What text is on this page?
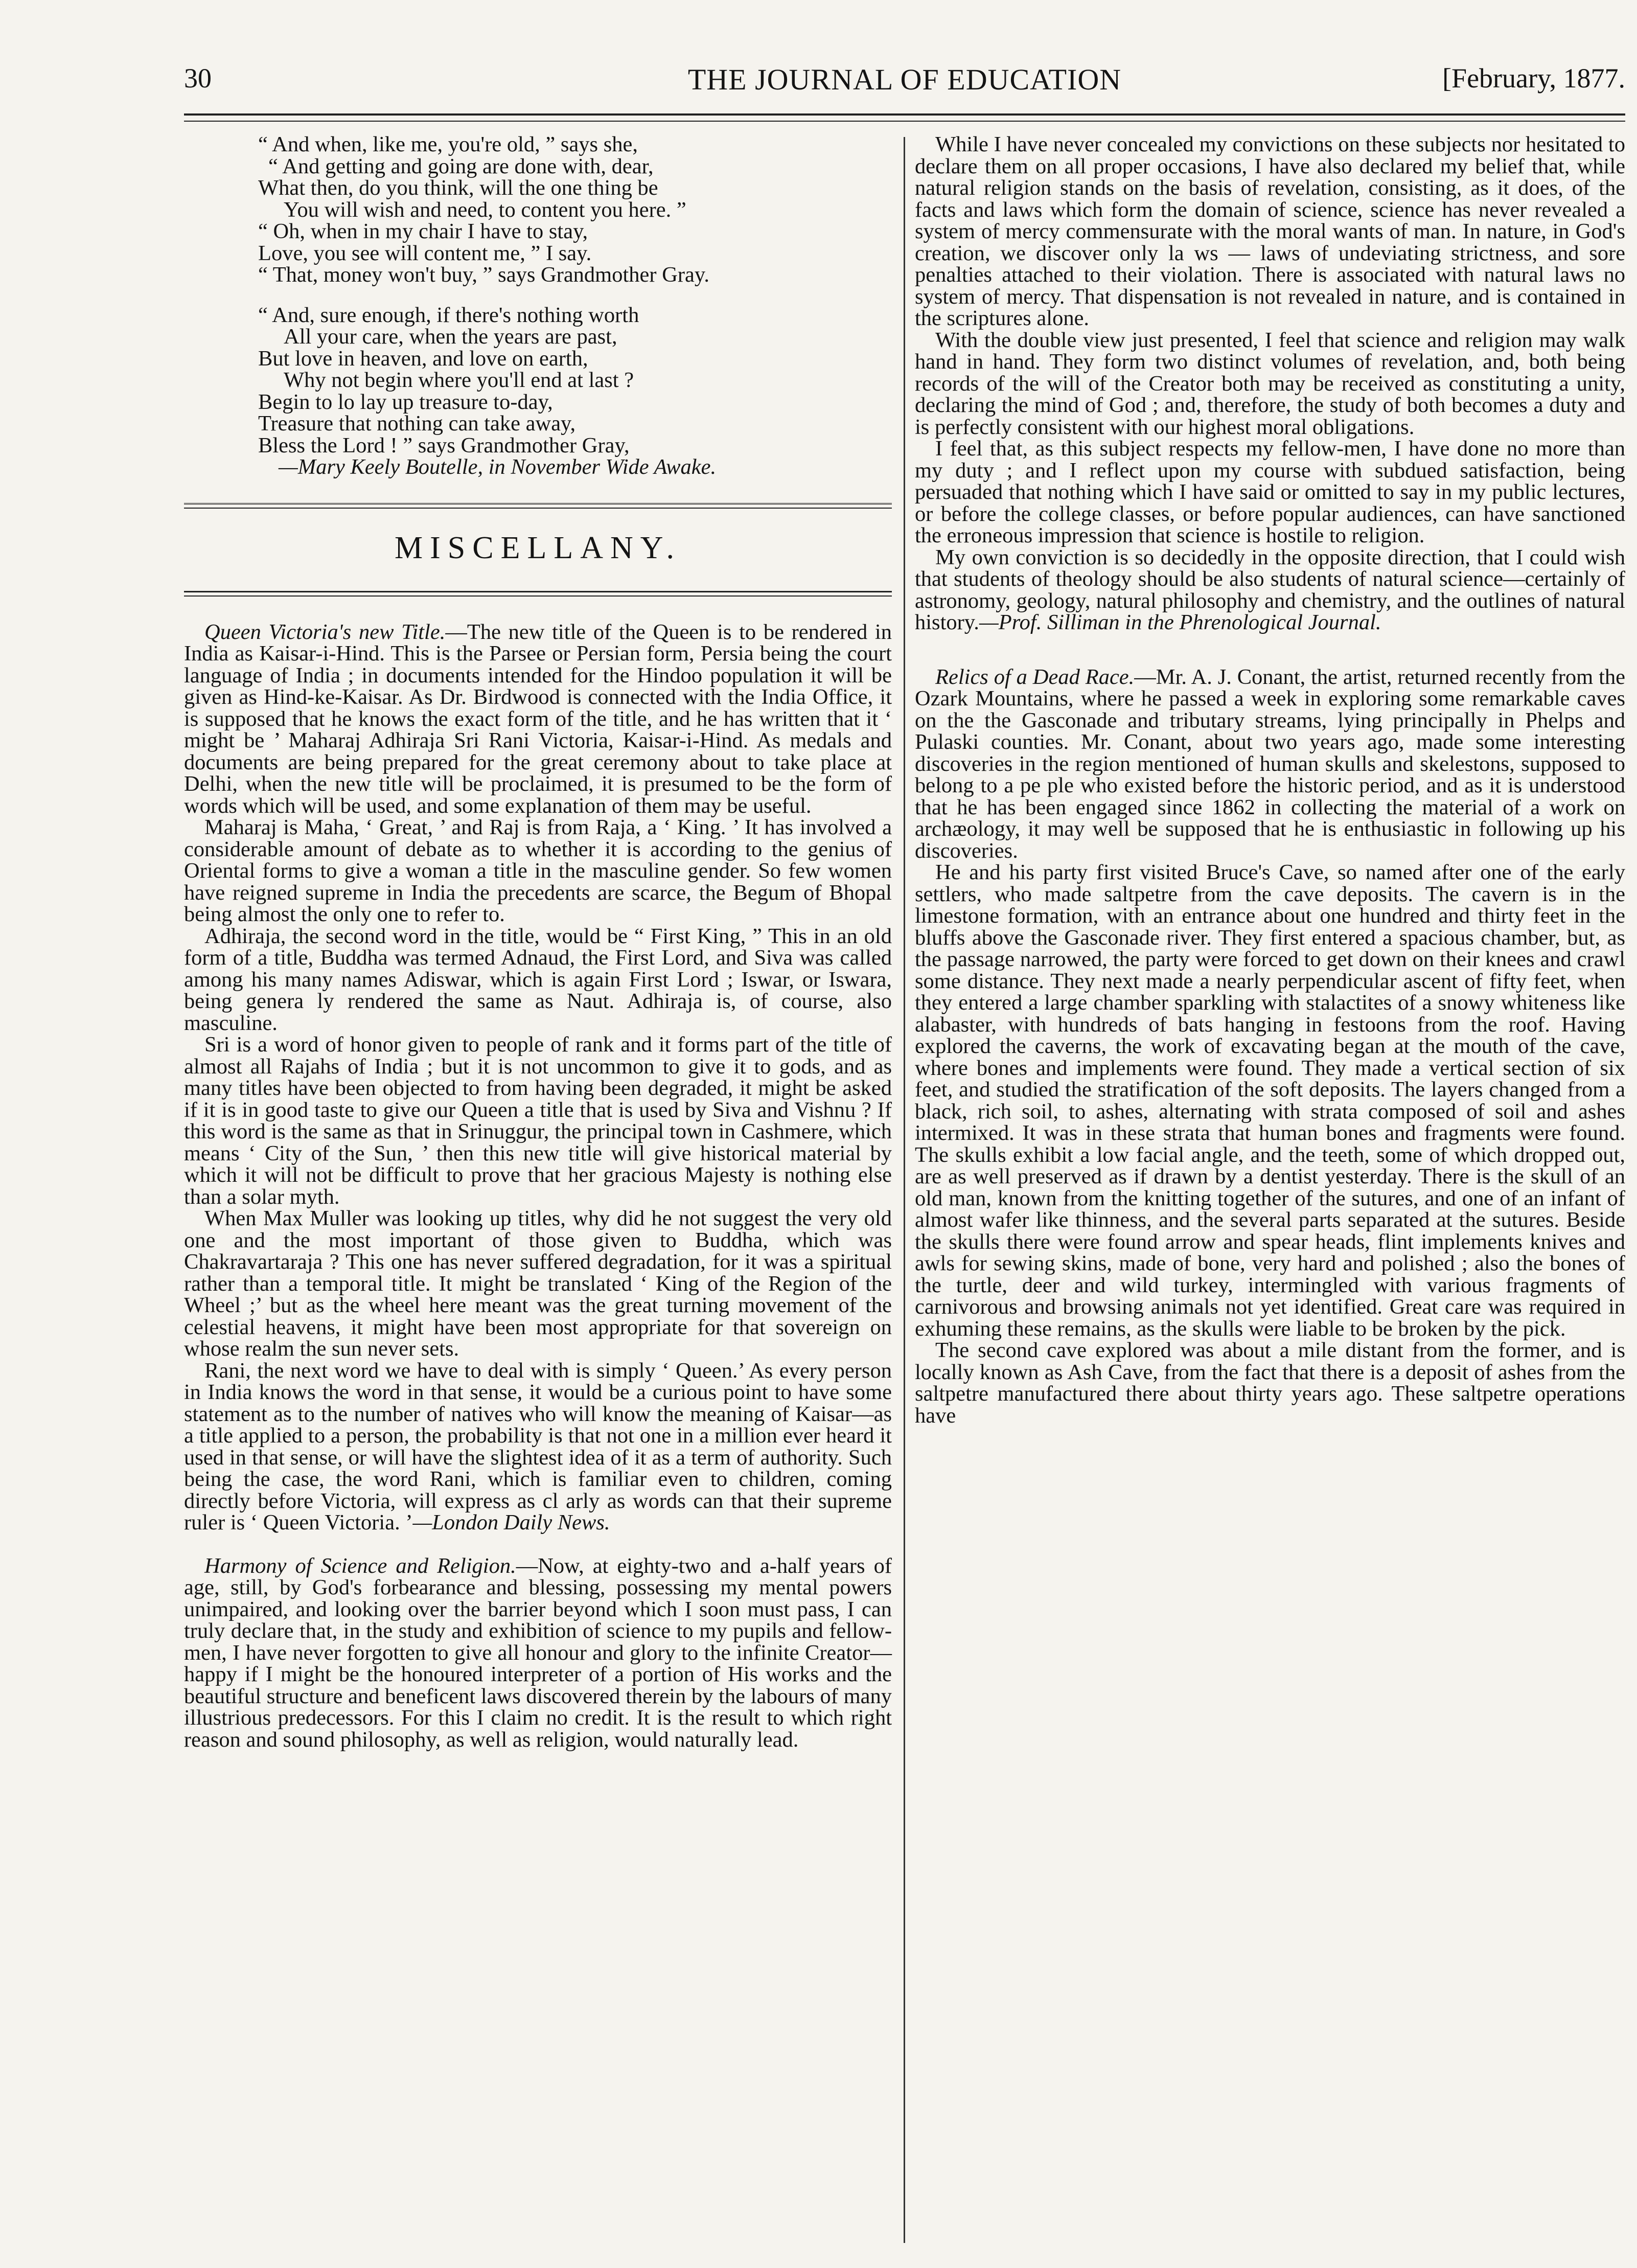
30	THE JOURNAL OF EDUCATION	[February, 1877.
“ And when, like me, you're old, ” says she,
“ And getting and going are done with, dear,
What then, do you think, will the one thing be
You will wish and need, to content you here. ”
“ Oh, when in my chair I have to stay,
Love, you see will content me, ” I say.
“ That, money won't buy, ” says Grandmother Gray.
“ And, sure enough, if there's nothing worth
All your care, when the years are past,
But love in heaven, and love on earth,
Why not begin where you'll end at last ?
Begin to lo lay up treasure to-day,
Treasure that nothing can take away,
Bless the Lord ! ” says Grandmother Gray,
—Mary Keely Boutelle, in November Wide Awake.
MISCELLANY.

Queen Victoria's new Title.—The new title of the Queen is to be rendered in India as Kaisar-i-Hind. This is the Parsee or Persian form, Persia being the court language of India ; in documents intended for the Hindoo population it will be given as Hind-ke-Kaisar. As Dr. Birdwood is connected with the India Office, it is supposed that he knows the exact form of the title, and he has written that it ‘ might be ’ Maharaj Adhiraja Sri Rani Victoria, Kaisar-i-Hind. As medals and documents are being prepared for the great ceremony about to take place at Delhi, when the new title will be proclaimed, it is presumed to be the form of words which will be used, and some explanation of them may be useful.

Maharaj is Maha, ‘ Great, ’ and Raj is from Raja, a ‘ King. ’ It has involved a considerable amount of debate as to whether it is according to the genius of Oriental forms to give a woman a title in the masculine gender. So few women have reigned supreme in India the precedents are scarce, the Begum of Bhopal being almost the only one to refer to.

Adhiraja, the second word in the title, would be “ First King, ” This in an old form of a title, Buddha was termed Adnaud, the First Lord, and Siva was called among his many names Adiswar, which is again First Lord ; Iswar, or Iswara, being genera ly rendered the same as Naut. Adhiraja is, of course, also masculine.

Sri is a word of honor given to people of rank and it forms part of the title of almost all Rajahs of India ; but it is not uncommon to give it to gods, and as many titles have been objected to from having been degraded, it might be asked if it is in good taste to give our Queen a title that is used by Siva and Vishnu ? If this word is the same as that in Srinuggur, the principal town in Cashmere, which means ‘ City of the Sun, ’ then this new title will give historical material by which it will not be difficult to prove that her gracious Majesty is nothing else than a solar myth.

When Max Muller was looking up titles, why did he not suggest the very old one and the most important of those given to Buddha, which was Chakravartaraja ? This one has never suffered degradation, for it was a spiritual rather than a temporal title. It might be translated ‘ King of the Region of the Wheel ;’ but as the wheel here meant was the great turning movement of the celestial heavens, it might have been most appropriate for that sovereign on whose realm the sun never sets.

Rani, the next word we have to deal with is simply ‘ Queen.’ As every person in India knows the word in that sense, it would be a curious point to have some statement as to the number of natives who will know the meaning of Kaisar—as a title applied to a person, the probability is that not one in a million ever heard it used in that sense, or will have the slightest idea of it as a term of authority. Such being the case, the word Rani, which is familiar even to children, coming directly before Victoria, will express as cl arly as words can that their supreme ruler is ‘ Queen Victoria. ’—London Daily News.

Harmony of Science and Religion.—Now, at eighty-two and a-half years of age, still, by God's forbearance and blessing, possessing my mental powers unimpaired, and looking over the barrier beyond which I soon must pass, I can truly declare that, in the study and exhibition of science to my pupils and fellow-men, I have never forgotten to give all honour and glory to the infinite Creator—happy if I might be the honoured interpreter of a portion of His works and the beautiful structure and beneficent laws discovered therein by the labours of many illustrious predecessors. For this I claim no credit. It is the result to which right reason and sound philosophy, as well as religion, would naturally lead.

While I have never concealed my convictions on these subjects nor hesitated to declare them on all proper occasions, I have also declared my belief that, while natural religion stands on the basis of revelation, consisting, as it does, of the facts and laws which form the domain of science, science has never revealed a system of mercy commensurate with the moral wants of man. In nature, in God's creation, we discover only la ws — laws of undeviating strictness, and sore penalties attached to their violation. There is associated with natural laws no system of mercy. That dispensation is not revealed in nature, and is contained in the scriptures alone.

With the double view just presented, I feel that science and religion may walk hand in hand. They form two distinct volumes of revelation, and, both being records of the will of the Creator both may be received as constituting a unity, declaring the mind of God ; and, therefore, the study of both becomes a duty and is perfectly consistent with our highest moral obligations.

I feel that, as this subject respects my fellow-men, I have done no more than my duty ; and I reflect upon my course with subdued satisfaction, being persuaded that nothing which I have said or omitted to say in my public lectures, or before the college classes, or before popular audiences, can have sanctioned the erroneous impression that science is hostile to religion.

My own conviction is so decidedly in the opposite direction, that I could wish that students of theology should be also students of natural science—certainly of astronomy, geology, natural philosophy and chemistry, and the outlines of natural history.—Prof. Silliman in the Phrenological Journal.

Relics of a Dead Race.—Mr. A. J. Conant, the artist, returned recently from the Ozark Mountains, where he passed a week in exploring some remarkable caves on the the Gasconade and tributary streams, lying principally in Phelps and Pulaski counties. Mr. Conant, about two years ago, made some interesting discoveries in the region mentioned of human skulls and skelestons, supposed to belong to a pe ple who existed before the historic period, and as it is understood that he has been engaged since 1862 in collecting the material of a work on archæology, it may well be supposed that he is enthusiastic in following up his discoveries.

He and his party first visited Bruce's Cave, so named after one of the early settlers, who made saltpetre from the cave deposits. The cavern is in the limestone formation, with an entrance about one hundred and thirty feet in the bluffs above the Gasconade river. They first entered a spacious chamber, but, as the passage narrowed, the party were forced to get down on their knees and crawl some distance. They next made a nearly perpendicular ascent of fifty feet, when they entered a large chamber sparkling with stalactites of a snowy whiteness like alabaster, with hundreds of bats hanging in festoons from the roof. Having explored the caverns, the work of excavating began at the mouth of the cave, where bones and implements were found. They made a vertical section of six feet, and studied the stratification of the soft deposits. The layers changed from a black, rich soil, to ashes, alternating with strata composed of soil and ashes intermixed. It was in these strata that human bones and fragments were found. The skulls exhibit a low facial angle, and the teeth, some of which dropped out, are as well preserved as if drawn by a dentist yesterday. There is the skull of an old man, known from the knitting together of the sutures, and one of an infant of almost wafer like thinness, and the several parts separated at the sutures. Beside the skulls there were found arrow and spear heads, flint implements knives and awls for sewing skins, made of bone, very hard and polished ; also the bones of the turtle, deer and wild turkey, intermingled with various fragments of carnivorous and browsing animals not yet identified. Great care was required in exhuming these remains, as the skulls were liable to be broken by the pick.

The second cave explored was about a mile distant from the former, and is locally known as Ash Cave, from the fact that there is a deposit of ashes from the saltpetre manufactured there about thirty years ago. These saltpetre operations have
